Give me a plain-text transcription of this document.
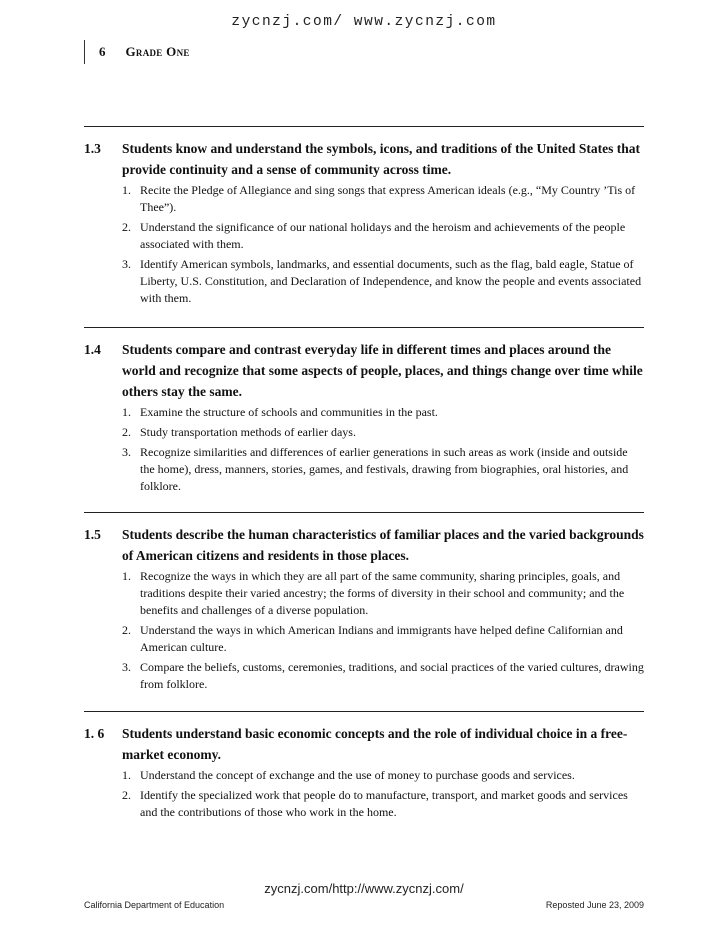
zycnzj.com/ www.zycnzj.com
6 Grade One
1.3	Students know and understand the symbols, icons, and traditions of the United States that provide continuity and a sense of community across time.

1. Recite the Pledge of Allegiance and sing songs that express American ideals (e.g., “My Country ’Tis of Thee”).
2. Understand the significance of our national holidays and the heroism and achievements of the people associated with them.
3. Identify American symbols, landmarks, and essential documents, such as the flag, bald eagle, Statue of Liberty, U.S. Constitution, and Declaration of Independence, and know the people and events associated with them.
1.4	Students compare and contrast everyday life in different times and places around the world and recognize that some aspects of people, places, and things change over time while others stay the same.

1. Examine the structure of schools and communities in the past.
2. Study transportation methods of earlier days.
3. Recognize similarities and differences of earlier generations in such areas as work (inside and outside the home), dress, manners, stories, games, and festivals, drawing from biographies, oral histories, and folklore.
1.5	Students describe the human characteristics of familiar places and the varied backgrounds of American citizens and residents in those places.

1. Recognize the ways in which they are all part of the same community, sharing principles, goals, and traditions despite their varied ancestry; the forms of diversity in their school and community; and the benefits and challenges of a diverse population.
2. Understand the ways in which American Indians and immigrants have helped define Californian and American culture.
3. Compare the beliefs, customs, ceremonies, traditions, and social practices of the varied cultures, drawing from folklore.
1. 6	Students understand basic economic concepts and the role of individual choice in a free-market economy.

1. Understand the concept of exchange and the use of money to purchase goods and services.
2. Identify the specialized work that people do to manufacture, transport, and market goods and services and the contributions of those who work in the home.
zycnzj.com/http://www.zycnzj.com/
California Department of Education	Reposted June 23, 2009
